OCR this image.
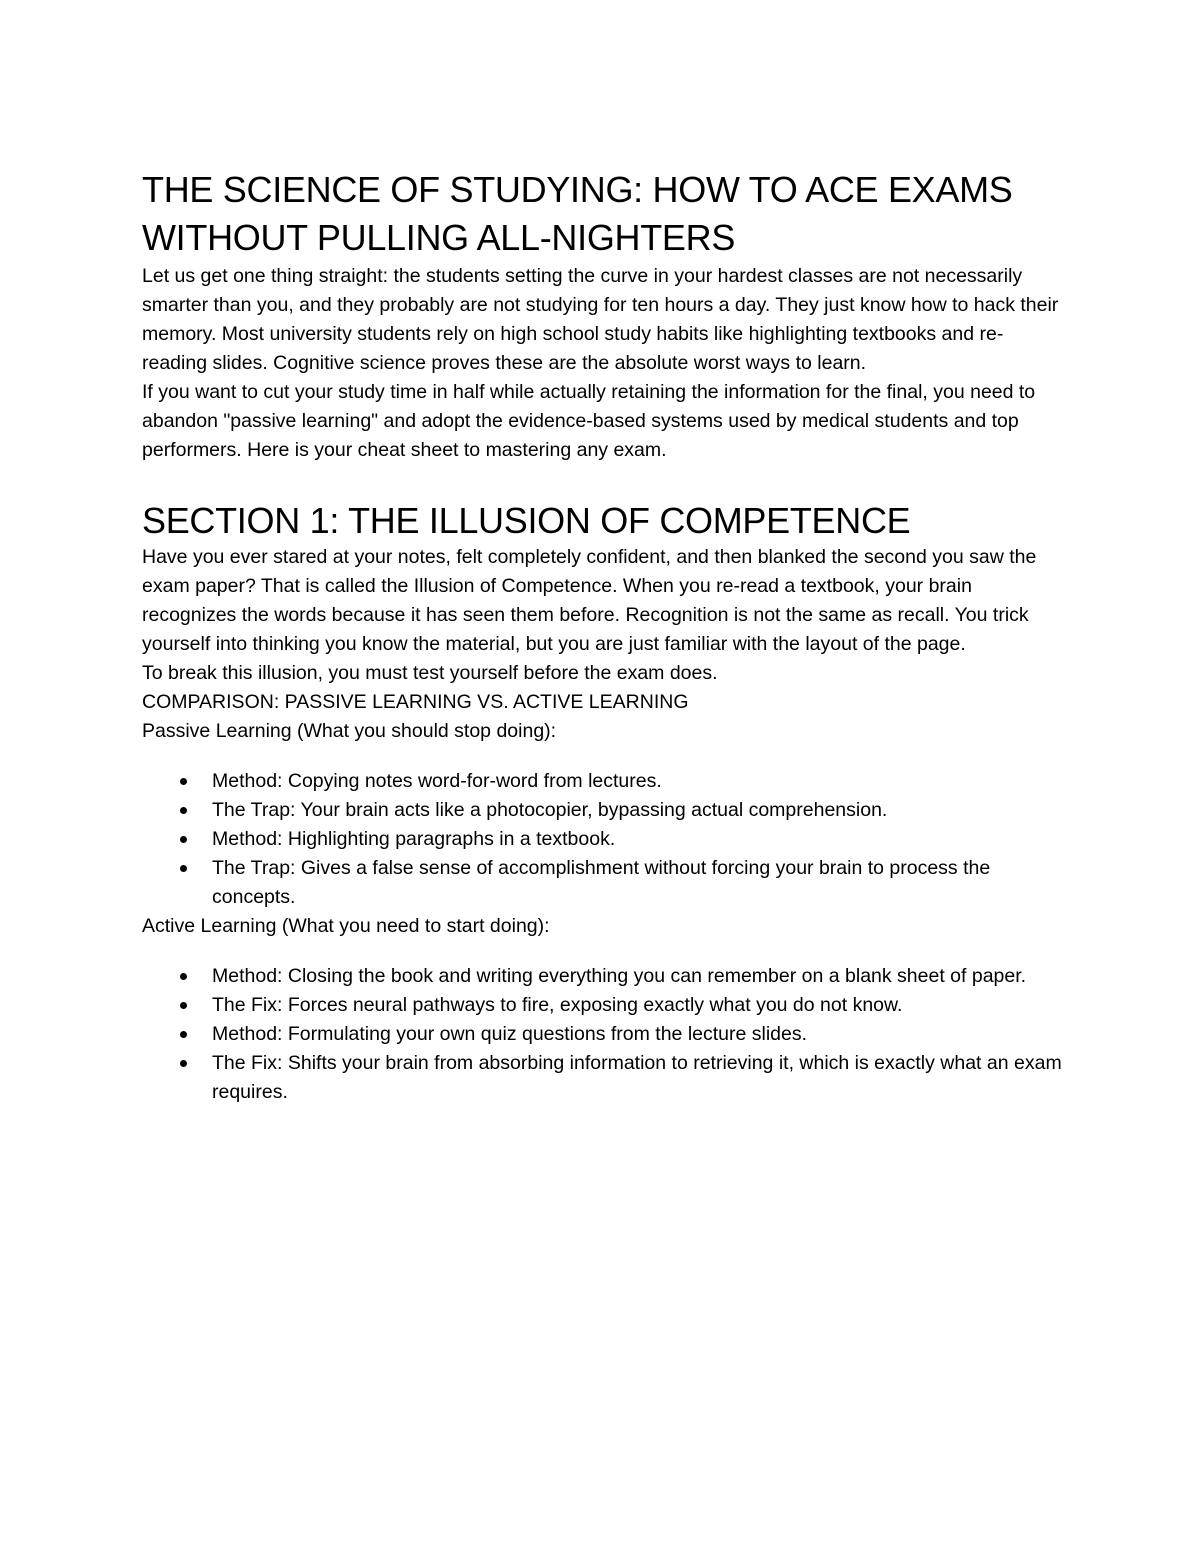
THE SCIENCE OF STUDYING: HOW TO ACE EXAMS WITHOUT PULLING ALL-NIGHTERS

Let us get one thing straight: the students setting the curve in your hardest classes are not necessarily smarter than you, and they probably are not studying for ten hours a day. They just know how to hack their memory. Most university students rely on high school study habits like highlighting textbooks and re-reading slides. Cognitive science proves these are the absolute worst ways to learn.

If you want to cut your study time in half while actually retaining the information for the final, you need to abandon "passive learning" and adopt the evidence-based systems used by medical students and top performers. Here is your cheat sheet to mastering any exam.

SECTION 1: THE ILLUSION OF COMPETENCE

Have you ever stared at your notes, felt completely confident, and then blanked the second you saw the exam paper? That is called the Illusion of Competence. When you re-read a textbook, your brain recognizes the words because it has seen them before. Recognition is not the same as recall. You trick yourself into thinking you know the material, but you are just familiar with the layout of the page.

To break this illusion, you must test yourself before the exam does.

COMPARISON: PASSIVE LEARNING VS. ACTIVE LEARNING

Passive Learning (What you should stop doing):

Method: Copying notes word-for-word from lectures.
The Trap: Your brain acts like a photocopier, bypassing actual comprehension.
Method: Highlighting paragraphs in a textbook.
The Trap: Gives a false sense of accomplishment without forcing your brain to process the concepts.

Active Learning (What you need to start doing):

Method: Closing the book and writing everything you can remember on a blank sheet of paper.
The Fix: Forces neural pathways to fire, exposing exactly what you do not know.
Method: Formulating your own quiz questions from the lecture slides.
The Fix: Shifts your brain from absorbing information to retrieving it, which is exactly what an exam requires.
